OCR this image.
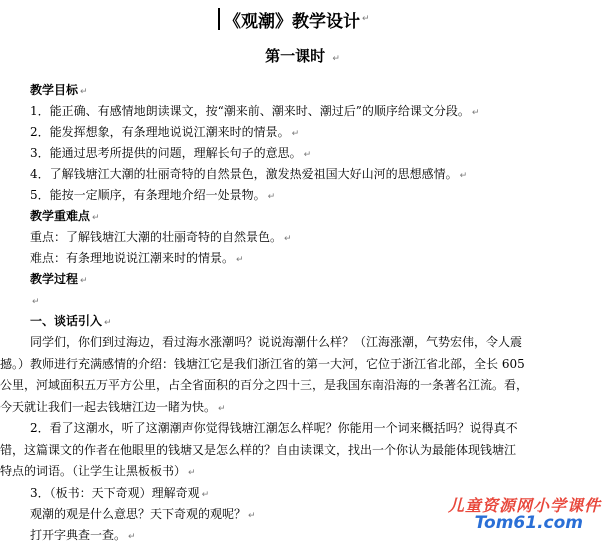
《观潮》教学设计 ↵
第一课时 ↵
教学目标 ↵
1．能正确、有感情地朗读课文，按“潮来前、潮来时、潮过后”的顺序给课文分段。 ↵
2．能发挥想象，有条理地说说江潮来时的情景。 ↵
3．能通过思考所提供的问题，理解长句子的意思。 ↵
4．了解钱塘江大潮的壮丽奇特的自然景色，激发热爱祖国大好山河的思想感情。 ↵
5．能按一定顺序，有条理地介绍一处景物。 ↵
教学重难点 ↵
重点：了解钱塘江大潮的壮丽奇特的自然景色。 ↵
难点：有条理地说说江潮来时的情景。 ↵
教学过程 ↵
↵
一、谈话引入 ↵
同学们，你们到过海边，看过海水涨潮吗？说说海潮什么样？（江海涨潮，气势宏伟，令人震
撼。）教师进行充满感情的介绍：钱塘江它是我们浙江省的第一大河，它位于浙江省北部，全长 605
公里，河域面积五万平方公里，占全省面积的百分之四十三，是我国东南沿海的一条著名江流。看，
今天就让我们一起去钱塘江边一睹为快。 ↵
2．看了这潮水，听了这潮潮声你觉得钱塘江潮怎么样呢？你能用一个词来概括吗？说得真不
错，这篇课文的作者在他眼里的钱塘又是怎么样的？自由读课文，找出一个你认为最能体现钱塘江
特点的词语。（让学生让黑板板书） ↵
3．（板书：天下奇观）理解奇观 ↵
观潮的观是什么意思？天下奇观的观呢？ ↵
打开字典查一查。 ↵
儿童资源网小学课件
Tom61.com
